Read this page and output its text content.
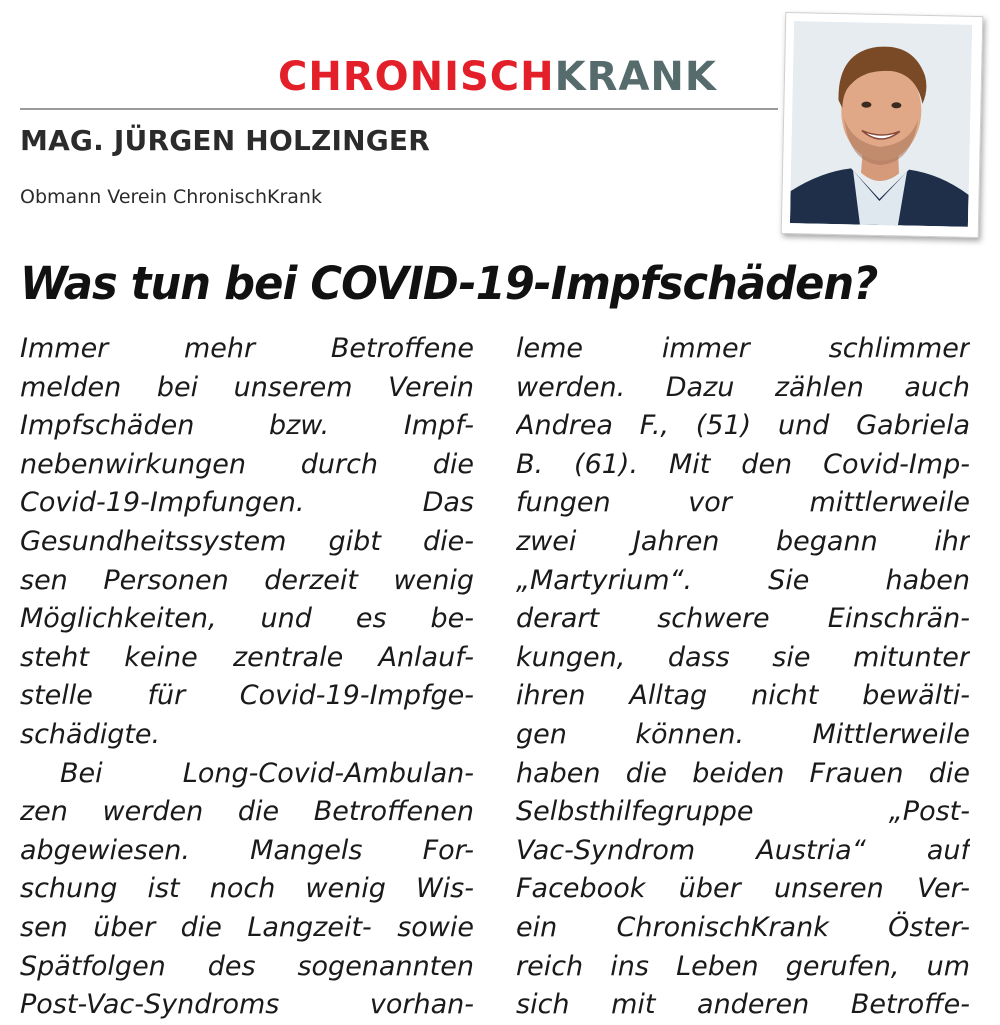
CHRONISCHKRANK
MAG. JÜRGEN HOLZINGER
Obmann Verein ChronischKrank
Was tun bei COVID-19-Impfschäden?
Immer mehr Betroffene
melden bei unserem Verein
Impfschäden bzw. Impf-
nebenwirkungen durch die
Covid-19-Impfungen. Das
Gesundheitssystem gibt die-
sen Personen derzeit wenig
Möglichkeiten, und es be-
steht keine zentrale Anlauf-
stelle für Covid-19-Impfge-
schädigte.
Bei Long-Covid-Ambulan-
zen werden die Betroffenen
abgewiesen. Mangels For-
schung ist noch wenig Wis-
sen über die Langzeit- sowie
Spätfolgen des sogenannten
Post-Vac-Syndroms vorhan-
leme immer schlimmer
werden. Dazu zählen auch
Andrea F., (51) und Gabriela
B. (61). Mit den Covid-Imp-
fungen vor mittlerweile
zwei Jahren begann ihr
„Martyrium“. Sie haben
derart schwere Einschrän-
kungen, dass sie mitunter
ihren Alltag nicht bewälti-
gen können. Mittlerweile
haben die beiden Frauen die
Selbsthilfegruppe „Post-
Vac-Syndrom Austria“ auf
Facebook über unseren Ver-
ein ChronischKrank Öster-
reich ins Leben gerufen, um
sich mit anderen Betroffe-
